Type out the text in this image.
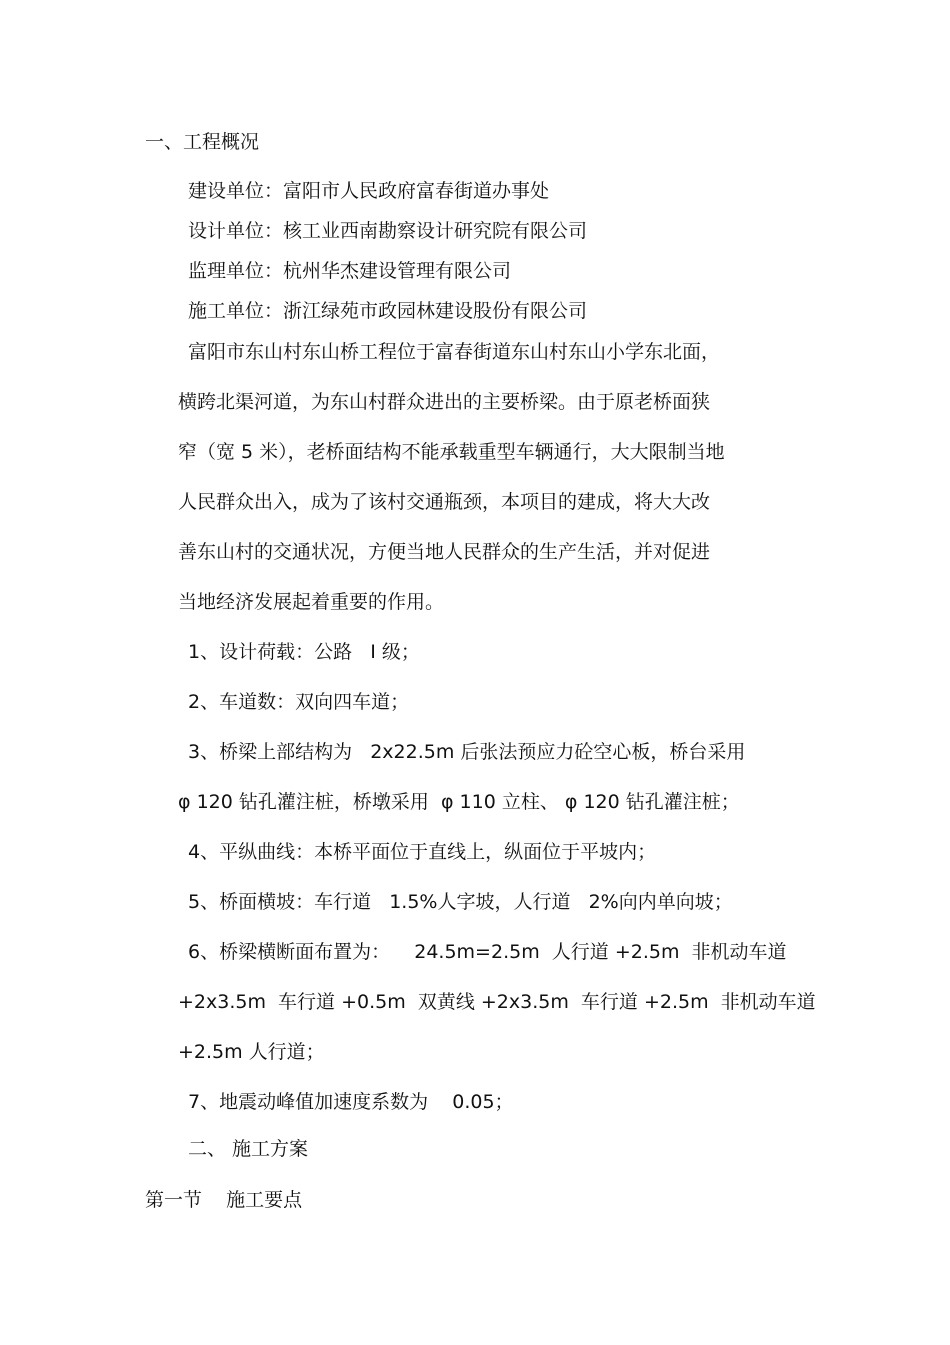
一、工程概况
建设单位：富阳市人民政府富春街道办事处
设计单位：核工业西南勘察设计研究院有限公司
监理单位：杭州华杰建设管理有限公司
施工单位：浙江绿苑市政园林建设股份有限公司
富阳市东山村东山桥工程位于富春街道东山村东山小学东北面，
横跨北渠河道，为东山村群众进出的主要桥梁。由于原老桥面狭
窄（宽 5 米），老桥面结构不能承载重型车辆通行，大大限制当地
人民群众出入，成为了该村交通瓶颈，本项目的建成，将大大改
善东山村的交通状况，方便当地人民群众的生产生活，并对促进
当地经济发展起着重要的作用。
1、设计荷载：公路   I 级；
2、车道数：双向四车道；
3、桥梁上部结构为   2x22.5m 后张法预应力砼空心板，桥台采用
φ 120 钻孔灌注桩，桥墩采用  φ 110 立柱、 φ 120 钻孔灌注桩；
4、平纵曲线：本桥平面位于直线上，纵面位于平坡内；
5、桥面横坡：车行道   1.5%人字坡，人行道   2%向内单向坡；
6、桥梁横断面布置为：    24.5m=2.5m  人行道 +2.5m  非机动车道
+2x3.5m  车行道 +0.5m  双黄线 +2x3.5m  车行道 +2.5m  非机动车道
+2.5m 人行道；
7、地震动峰值加速度系数为    0.05；
二、 施工方案
第一节    施工要点
